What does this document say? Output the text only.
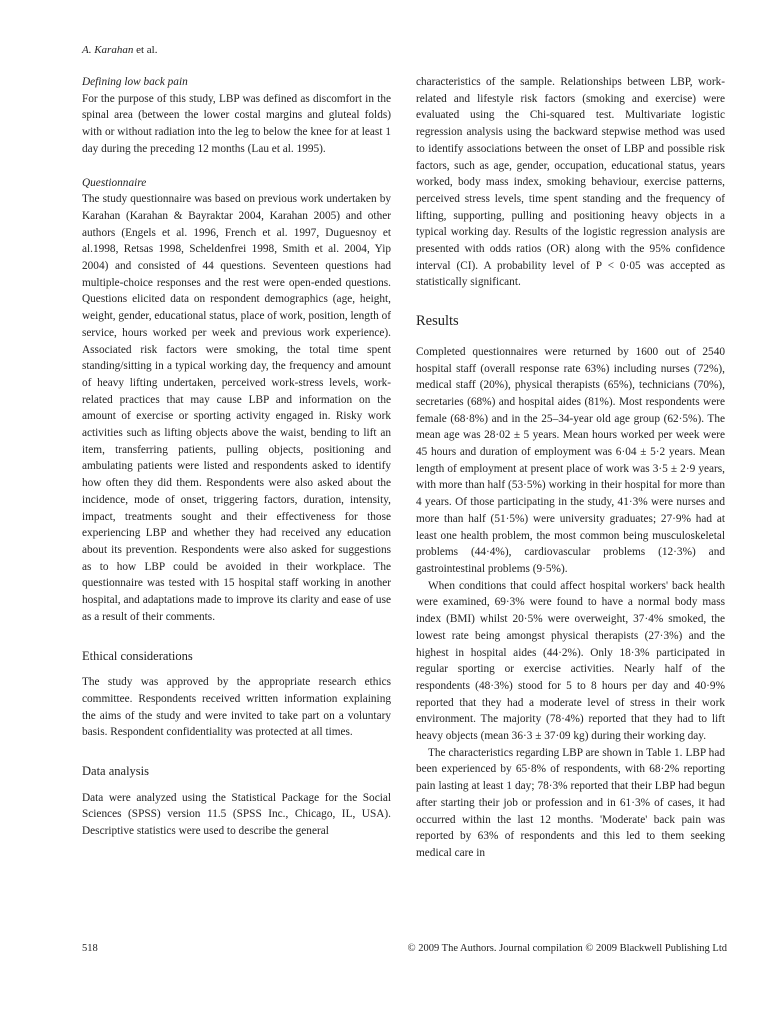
A. Karahan et al.

Defining low back pain

For the purpose of this study, LBP was defined as discomfort in the spinal area (between the lower costal margins and gluteal folds) with or without radiation into the leg to below the knee for at least 1 day during the preceding 12 months (Lau et al. 1995).

Questionnaire

The study questionnaire was based on previous work undertaken by Karahan (Karahan & Bayraktar 2004, Karahan 2005) and other authors (Engels et al. 1996, French et al. 1997, Duguesnoy et al.1998, Retsas 1998, Scheldenfrei 1998, Smith et al. 2004, Yip 2004) and consisted of 44 questions. Seventeen questions had multiple-choice responses and the rest were open-ended questions. Questions elicited data on respondent demographics (age, height, weight, gender, educational status, place of work, position, length of service, hours worked per week and previous work experience). Associated risk factors were smoking, the total time spent standing/sitting in a typical working day, the frequency and amount of heavy lifting undertaken, perceived work-stress levels, work-related practices that may cause LBP and information on the amount of exercise or sporting activity engaged in. Risky work activities such as lifting objects above the waist, bending to lift an item, transferring patients, pulling objects, positioning and ambulating patients were listed and respondents asked to identify how often they did them. Respondents were also asked about the incidence, mode of onset, triggering factors, duration, intensity, impact, treatments sought and their effectiveness for those experiencing LBP and whether they had received any education about its prevention. Respondents were also asked for suggestions as to how LBP could be avoided in their workplace. The questionnaire was tested with 15 hospital staff working in another hospital, and adaptations made to improve its clarity and ease of use as a result of their comments.

Ethical considerations

The study was approved by the appropriate research ethics committee. Respondents received written information explaining the aims of the study and were invited to take part on a voluntary basis. Respondent confidentiality was protected at all times.

Data analysis

Data were analyzed using the Statistical Package for the Social Sciences (SPSS) version 11.5 (SPSS Inc., Chicago, IL, USA). Descriptive statistics were used to describe the general

characteristics of the sample. Relationships between LBP, work-related and lifestyle risk factors (smoking and exercise) were evaluated using the Chi-squared test. Multivariate logistic regression analysis using the backward stepwise method was used to identify associations between the onset of LBP and possible risk factors, such as age, gender, occupation, educational status, years worked, body mass index, smoking behaviour, exercise patterns, perceived stress levels, time spent standing and the frequency of lifting, supporting, pulling and positioning heavy objects in a typical working day. Results of the logistic regression analysis are presented with odds ratios (OR) along with the 95% confidence interval (CI). A probability level of P < 0·05 was accepted as statistically significant.

Results

Completed questionnaires were returned by 1600 out of 2540 hospital staff (overall response rate 63%) including nurses (72%), medical staff (20%), physical therapists (65%), technicians (70%), secretaries (68%) and hospital aides (81%). Most respondents were female (68·8%) and in the 25–34-year old age group (62·5%). The mean age was 28·02 ± 5 years. Mean hours worked per week were 45 hours and duration of employment was 6·04 ± 5·2 years. Mean length of employment at present place of work was 3·5 ± 2·9 years, with more than half (53·5%) working in their hospital for more than 4 years. Of those participating in the study, 41·3% were nurses and more than half (51·5%) were university graduates; 27·9% had at least one health problem, the most common being musculoskeletal problems (44·4%), cardiovascular problems (12·3%) and gastrointestinal problems (9·5%).

When conditions that could affect hospital workers' back health were examined, 69·3% were found to have a normal body mass index (BMI) whilst 20·5% were overweight, 37·4% smoked, the lowest rate being amongst physical therapists (27·3%) and the highest in hospital aides (44·2%). Only 18·3% participated in regular sporting or exercise activities. Nearly half of the respondents (48·3%) stood for 5 to 8 hours per day and 40·9% reported that they had a moderate level of stress in their work environment. The majority (78·4%) reported that they had to lift heavy objects (mean 36·3 ± 37·09 kg) during their working day.

The characteristics regarding LBP are shown in Table 1. LBP had been experienced by 65·8% of respondents, with 68·2% reporting pain lasting at least 1 day; 78·3% reported that their LBP had begun after starting their job or profession and in 61·3% of cases, it had occurred within the last 12 months. 'Moderate' back pain was reported by 63% of respondents and this led to them seeking medical care in

518	© 2009 The Authors. Journal compilation © 2009 Blackwell Publishing Ltd
